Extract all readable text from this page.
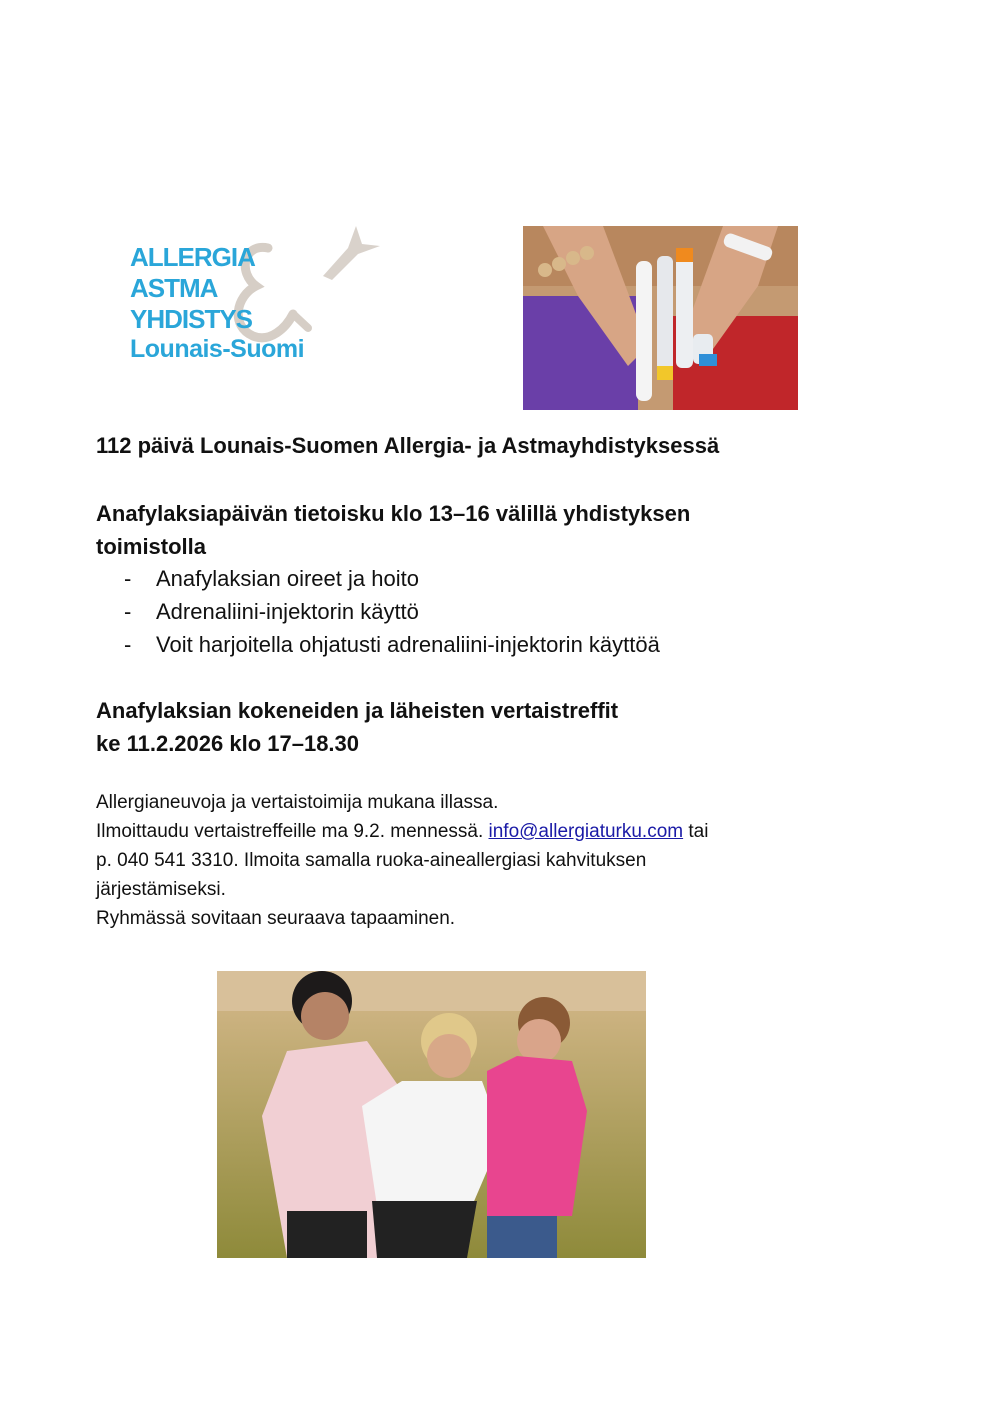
ALLERGIA
ASTMA
YHDISTYS
Lounais-Suomi
112 päivä Lounais-Suomen Allergia- ja Astmayhdistyksessä
Anafylaksiapäivän tietoisku klo 13–16 välillä yhdistyksen
toimistolla
-	Anafylaksian oireet ja hoito
-	Adrenaliini-injektorin käyttö
-	Voit harjoitella ohjatusti adrenaliini-injektorin käyttöä
Anafylaksian kokeneiden ja läheisten vertaistreffit
ke 11.2.2026 klo 17–18.30

Allergianeuvoja ja vertaistoimija mukana illassa.

Ilmoittaudu vertaistreffeille ma 9.2. mennessä. info@allergiaturku.com tai

p. 040 541 3310. Ilmoita samalla ruoka-aineallergiasi kahvituksen

järjestämiseksi.

Ryhmässä sovitaan seuraava tapaaminen.
